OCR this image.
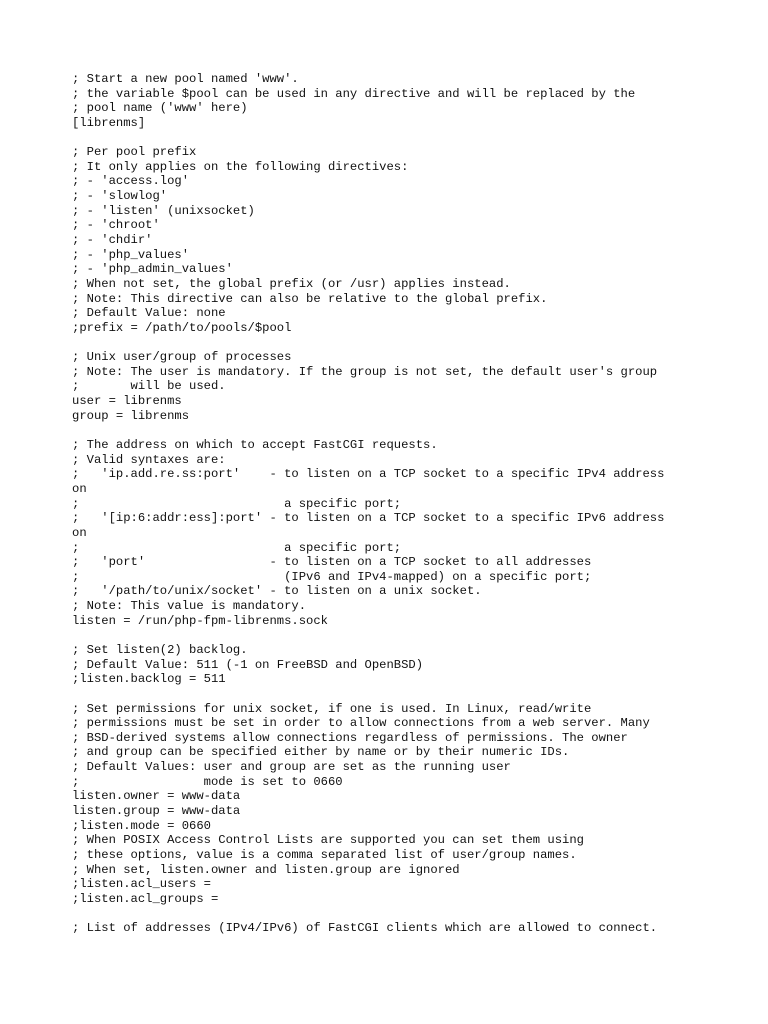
; Start a new pool named 'www'.
; the variable $pool can be used in any directive and will be replaced by the
; pool name ('www' here)
[librenms]
; Per pool prefix
; It only applies on the following directives:
; - 'access.log'
; - 'slowlog'
; - 'listen' (unixsocket)
; - 'chroot'
; - 'chdir'
; - 'php_values'
; - 'php_admin_values'
; When not set, the global prefix (or /usr) applies instead.
; Note: This directive can also be relative to the global prefix.
; Default Value: none
;prefix = /path/to/pools/$pool
; Unix user/group of processes
; Note: The user is mandatory. If the group is not set, the default user's group
;       will be used.
user = librenms
group = librenms
; The address on which to accept FastCGI requests.
; Valid syntaxes are:
;   'ip.add.re.ss:port'    - to listen on a TCP socket to a specific IPv4 address
on
;                            a specific port;
;   '[ip:6:addr:ess]:port' - to listen on a TCP socket to a specific IPv6 address
on
;                            a specific port;
;   'port'                 - to listen on a TCP socket to all addresses
;                            (IPv6 and IPv4-mapped) on a specific port;
;   '/path/to/unix/socket' - to listen on a unix socket.
; Note: This value is mandatory.
listen = /run/php-fpm-librenms.sock
; Set listen(2) backlog.
; Default Value: 511 (-1 on FreeBSD and OpenBSD)
;listen.backlog = 511
; Set permissions for unix socket, if one is used. In Linux, read/write
; permissions must be set in order to allow connections from a web server. Many
; BSD-derived systems allow connections regardless of permissions. The owner
; and group can be specified either by name or by their numeric IDs.
; Default Values: user and group are set as the running user
;                 mode is set to 0660
listen.owner = www-data
listen.group = www-data
;listen.mode = 0660
; When POSIX Access Control Lists are supported you can set them using
; these options, value is a comma separated list of user/group names.
; When set, listen.owner and listen.group are ignored
;listen.acl_users =
;listen.acl_groups =
; List of addresses (IPv4/IPv6) of FastCGI clients which are allowed to connect.
